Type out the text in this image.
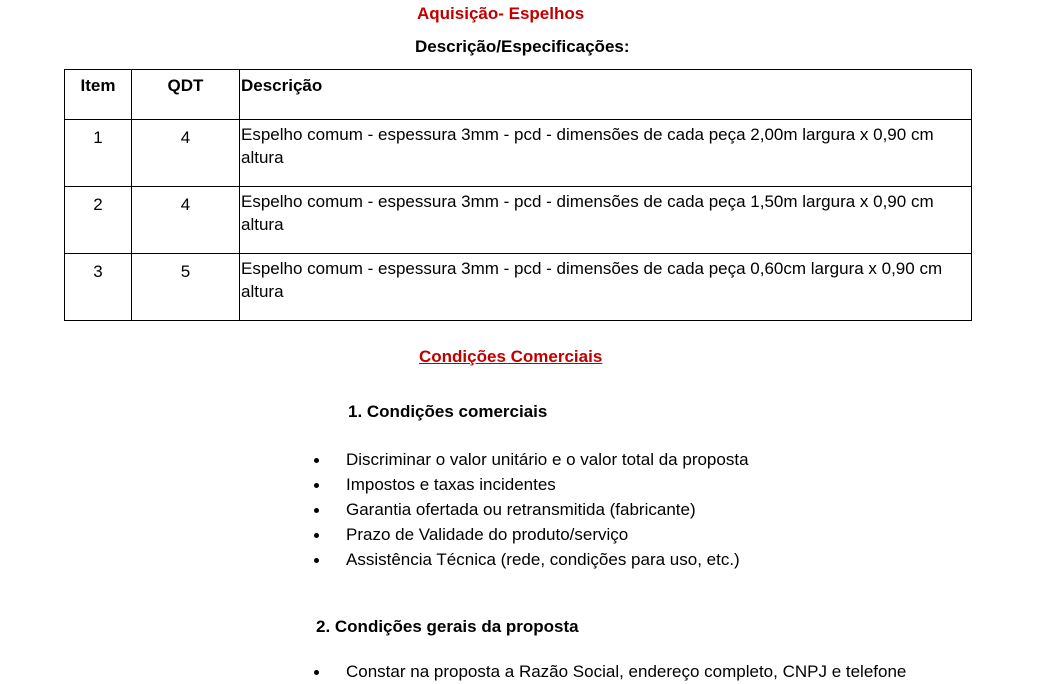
Aquisição- Espelhos
Descrição/Especificações:
Item	QDT	Descrição
1	4	Espelho comum - espessura 3mm - pcd - dimensões de cada peça 2,00m largura x 0,90 cm altura
2	4	Espelho comum - espessura 3mm - pcd - dimensões de cada peça 1,50m largura x 0,90 cm altura
3	5	Espelho comum - espessura 3mm - pcd - dimensões de cada peça 0,60cm largura x 0,90 cm altura
Condições Comerciais
1. Condições comerciais
Discriminar o valor unitário e o valor total da proposta
Impostos e taxas incidentes
Garantia ofertada ou retransmitida (fabricante)
Prazo de Validade do produto/serviço
Assistência Técnica (rede, condições para uso, etc.)
2. Condições gerais da proposta
Constar na proposta a Razão Social, endereço completo, CNPJ e telefone
